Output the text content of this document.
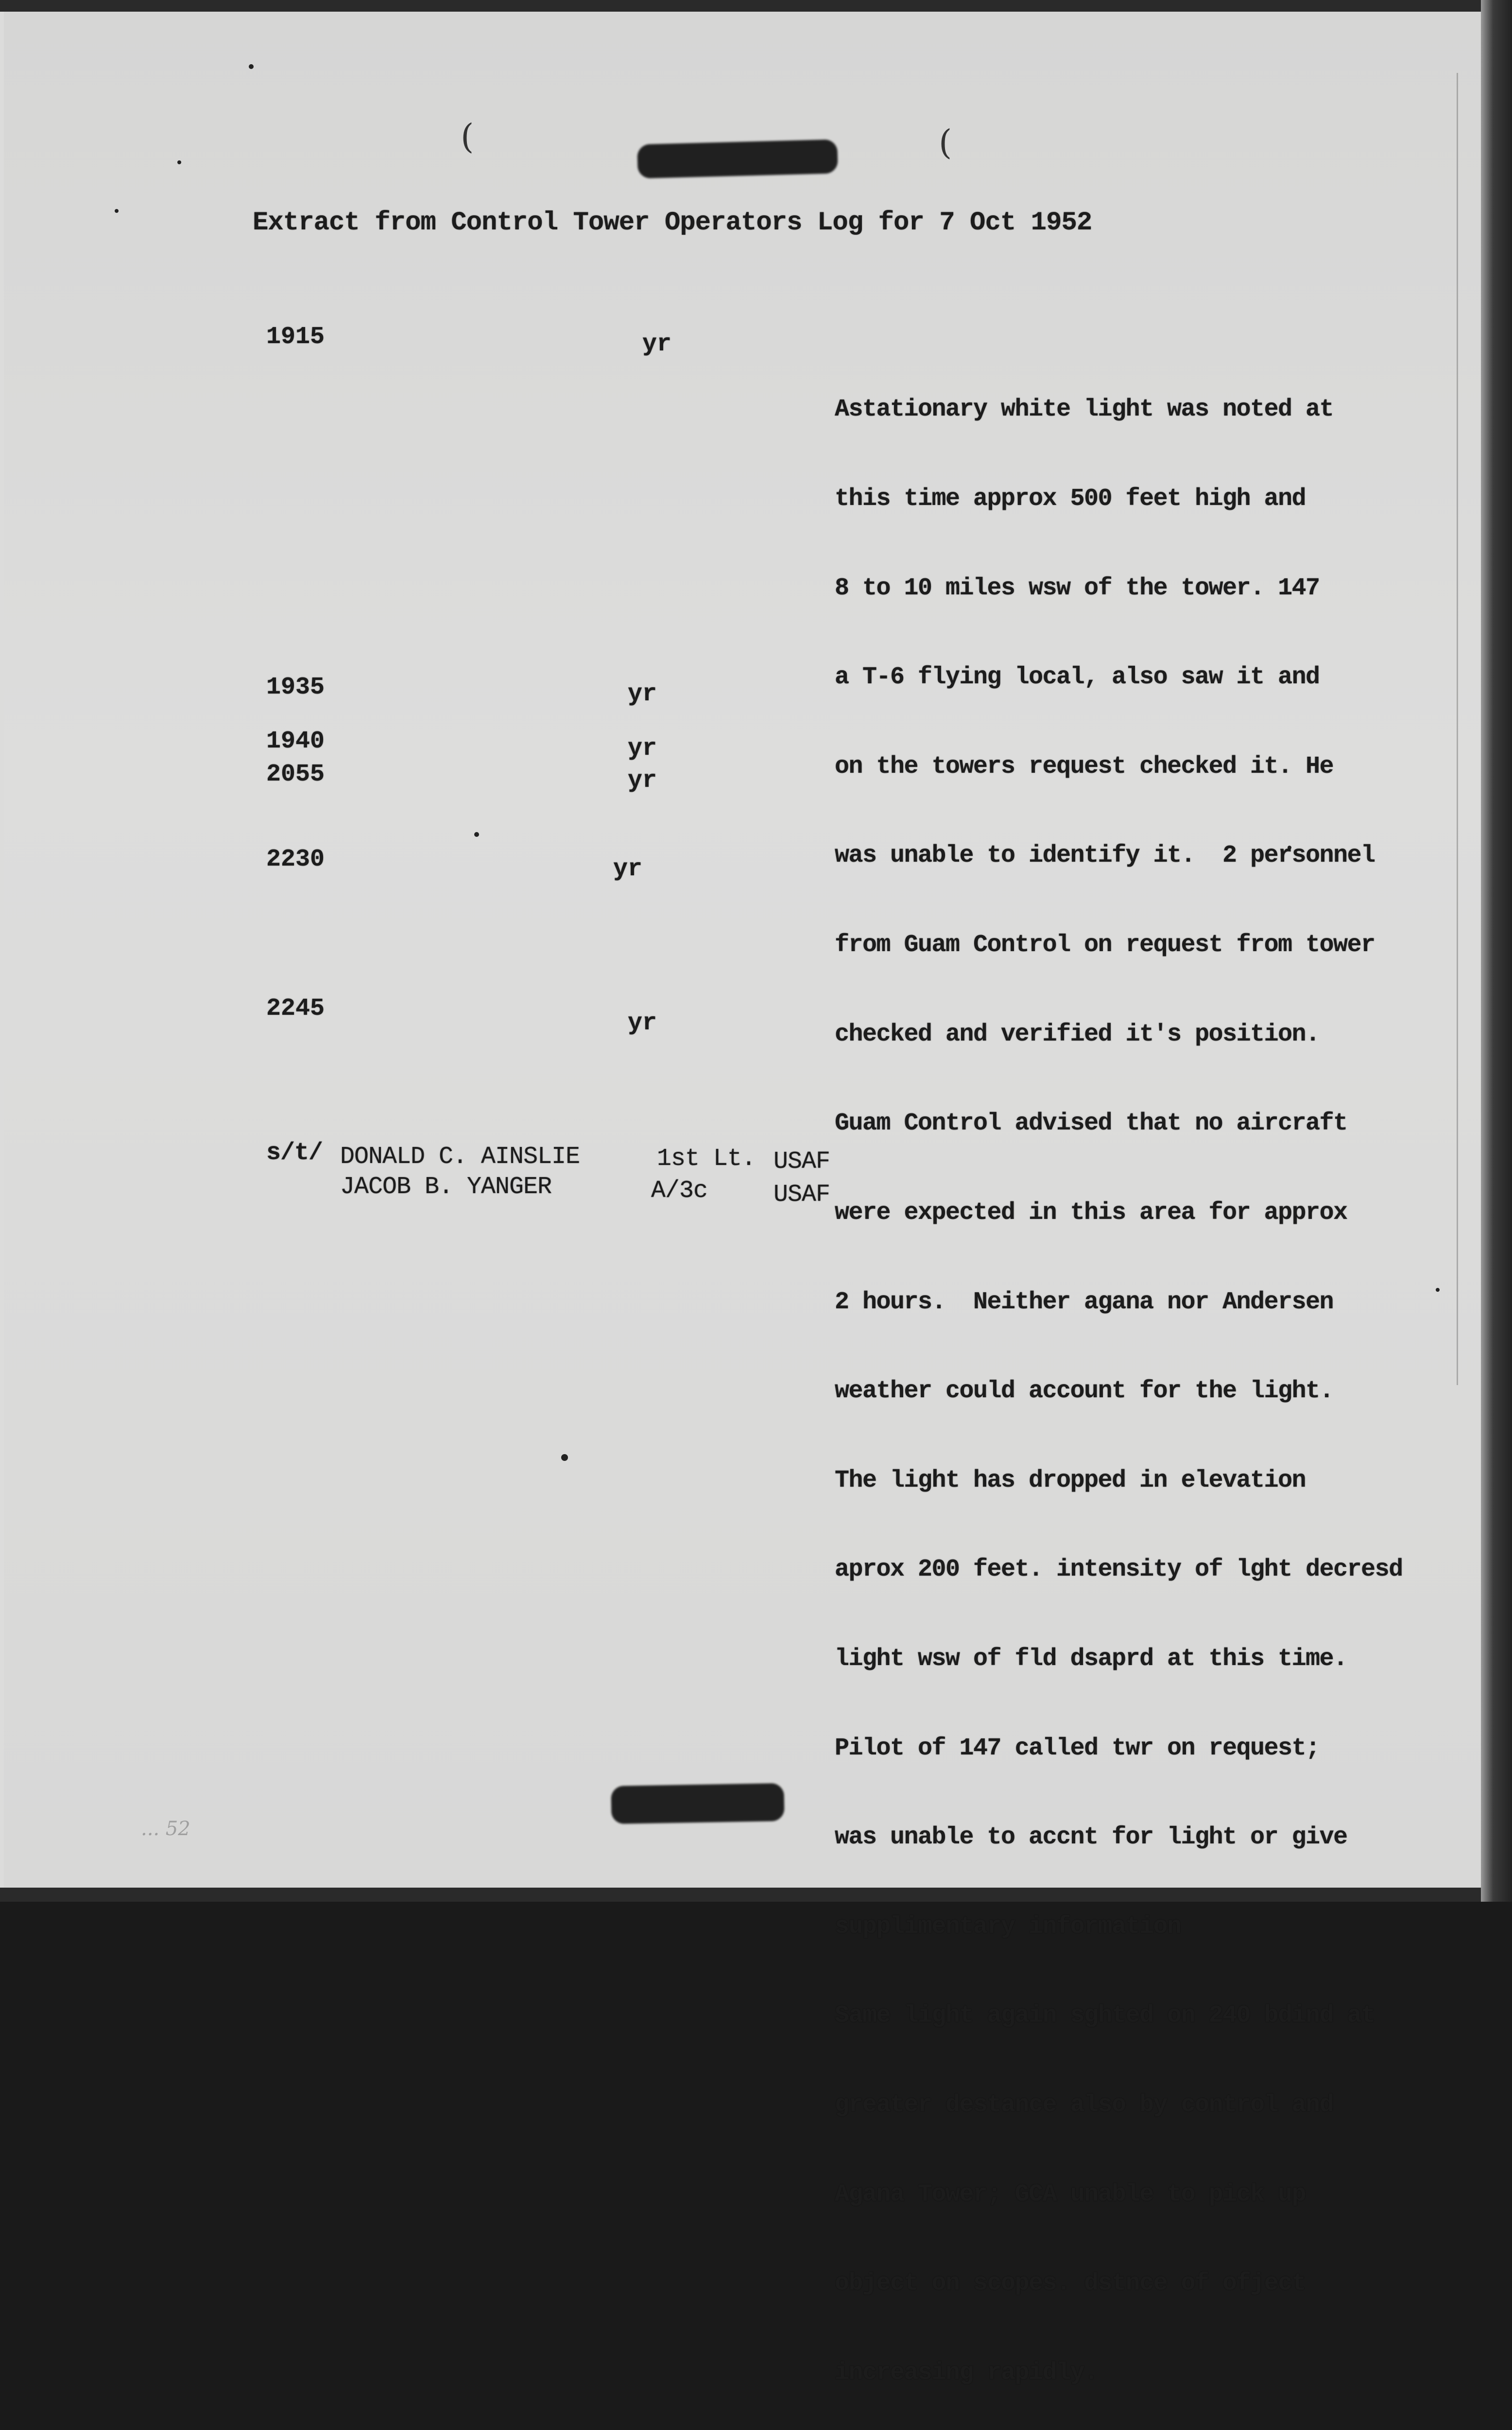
(	(
Extract from Control Tower Operators Log for 7 Oct 1952
1915
1935
1940
2055
2230
2245
yr
yr
yr
yr
yr
yr

Astationary white light was noted at

this time approx 500 feet high and

8 to 10 miles wsw of the tower. 147

a T-6 flying local, also saw it and

on the towers request checked it. He

was unable to identify it.  2 personnel

from Guam Control on request from tower

checked and verified it's position.

Guam Control advised that no aircraft

were expected in this area for approx

2 hours.  Neither agana nor Andersen

weather could account for the light.

The light has dropped in elevation

aprox 200 feet. intensity of lght decresd

light wsw of fld dsaprd at this time.

Pilot of 147 called twr on request;

was unable to accnt for light or give

supplimentary information

Same light again sghted on 240 bdind at

greater destance also by control and

Agana Tower; GCA unable to pick up

object on scopes. dstnce of ofject

increasing rapidly.

s/t/ DONALD C. AINSLIE
JACOB B. YANGER
1st Lt.
A/3c
USAF
USAF
... 52
